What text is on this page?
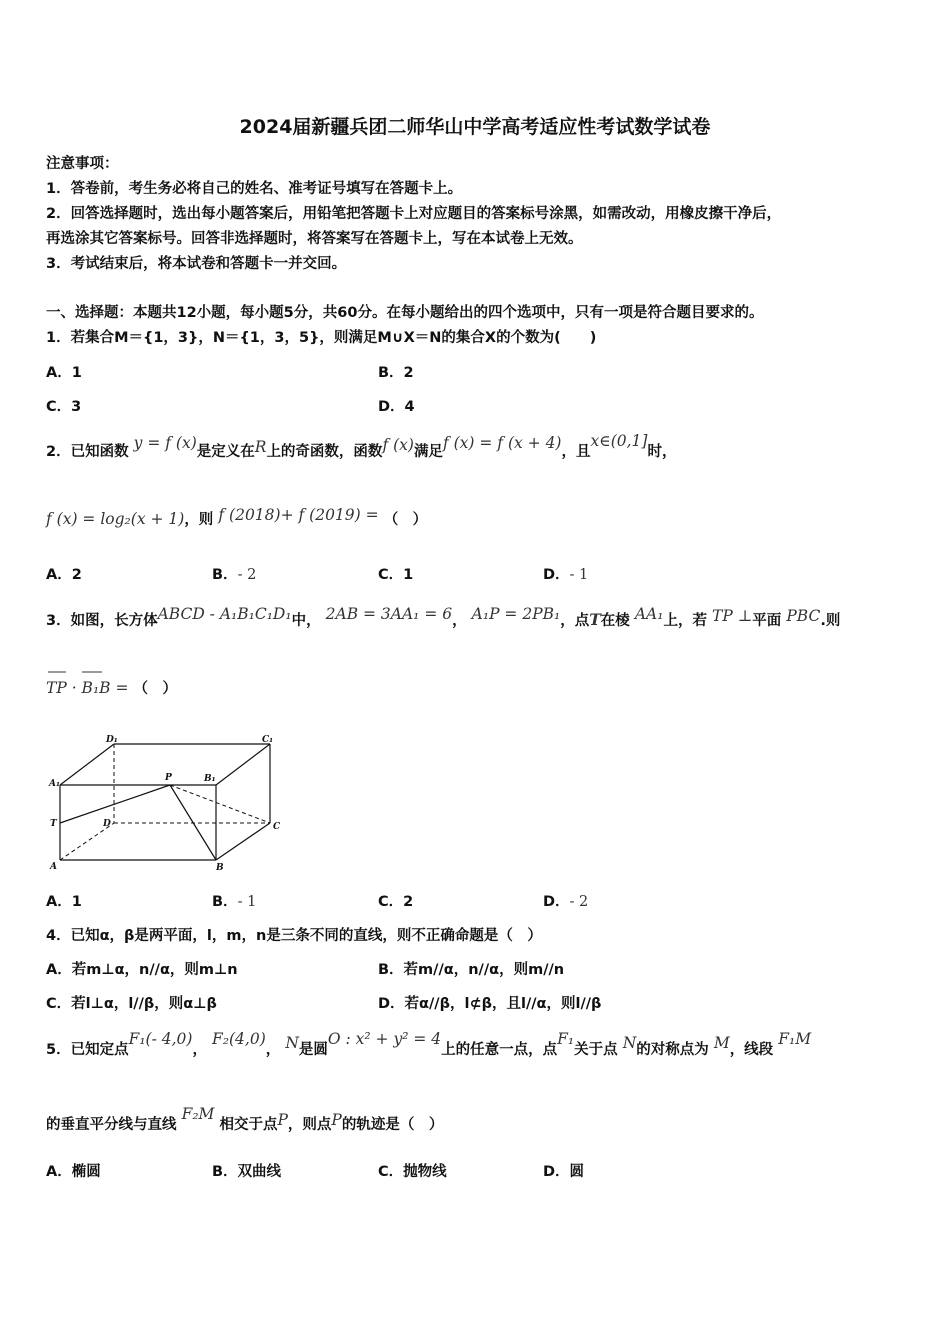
2024届新疆兵团二师华山中学高考适应性考试数学试卷
注意事项：
1．答卷前，考生务必将自己的姓名、准考证号填写在答题卡上。
2．回答选择题时，选出每小题答案后，用铅笔把答题卡上对应题目的答案标号涂黑，如需改动，用橡皮擦干净后，
再选涂其它答案标号。回答非选择题时，将答案写在答题卡上，写在本试卷上无效。
3．考试结束后，将本试卷和答题卡一并交回。
一、选择题：本题共12小题，每小题5分，共60分。在每小题给出的四个选项中，只有一项是符合题目要求的。
1．若集合M＝{1，3}，N＝{1，3，5}，则满足M∪X＝N的集合X的个数为(　　)
A．1	B．2
C．3	D．4
2．已知函数 y = f (x)是定义在R上的奇函数，函数f (x)满足f (x) = f (x + 4)，且x∈(0,1]时，
f (x) = log₂(x + 1)，则 f (2018)+ f (2019) = （　）
A．2	B．- 2	C．1	D．- 1
3．如图，长方体ABCD - A₁B₁C₁D₁中， 2AB = 3AA₁ = 6， A₁P = 2PB₁，点T在棱 AA₁上，若 TP ⊥平面 PBC.则
TP · B₁B = （　）
D₁	C₁
A₁
P	B₁
T	D	C
A	B
A．1	B．- 1	C．2	D．- 2
4．已知α，β是两平面，l，m，n是三条不同的直线，则不正确命题是（　）
A．若m⊥α，n//α，则m⊥n	B．若m//α，n//α，则m//n
C．若l⊥α，l//β，则α⊥β	D．若α//β，l⊄β，且l//α，则l//β
5．已知定点F₁(- 4,0)， F₂(4,0)， N是圆O : x² + y² = 4上的任意一点，点F₁关于点 N的对称点为 M，线段 F₁M
的垂直平分线与直线 F₂M 相交于点P，则点P的轨迹是（　）
A．椭圆	B．双曲线	C．抛物线	D．圆
